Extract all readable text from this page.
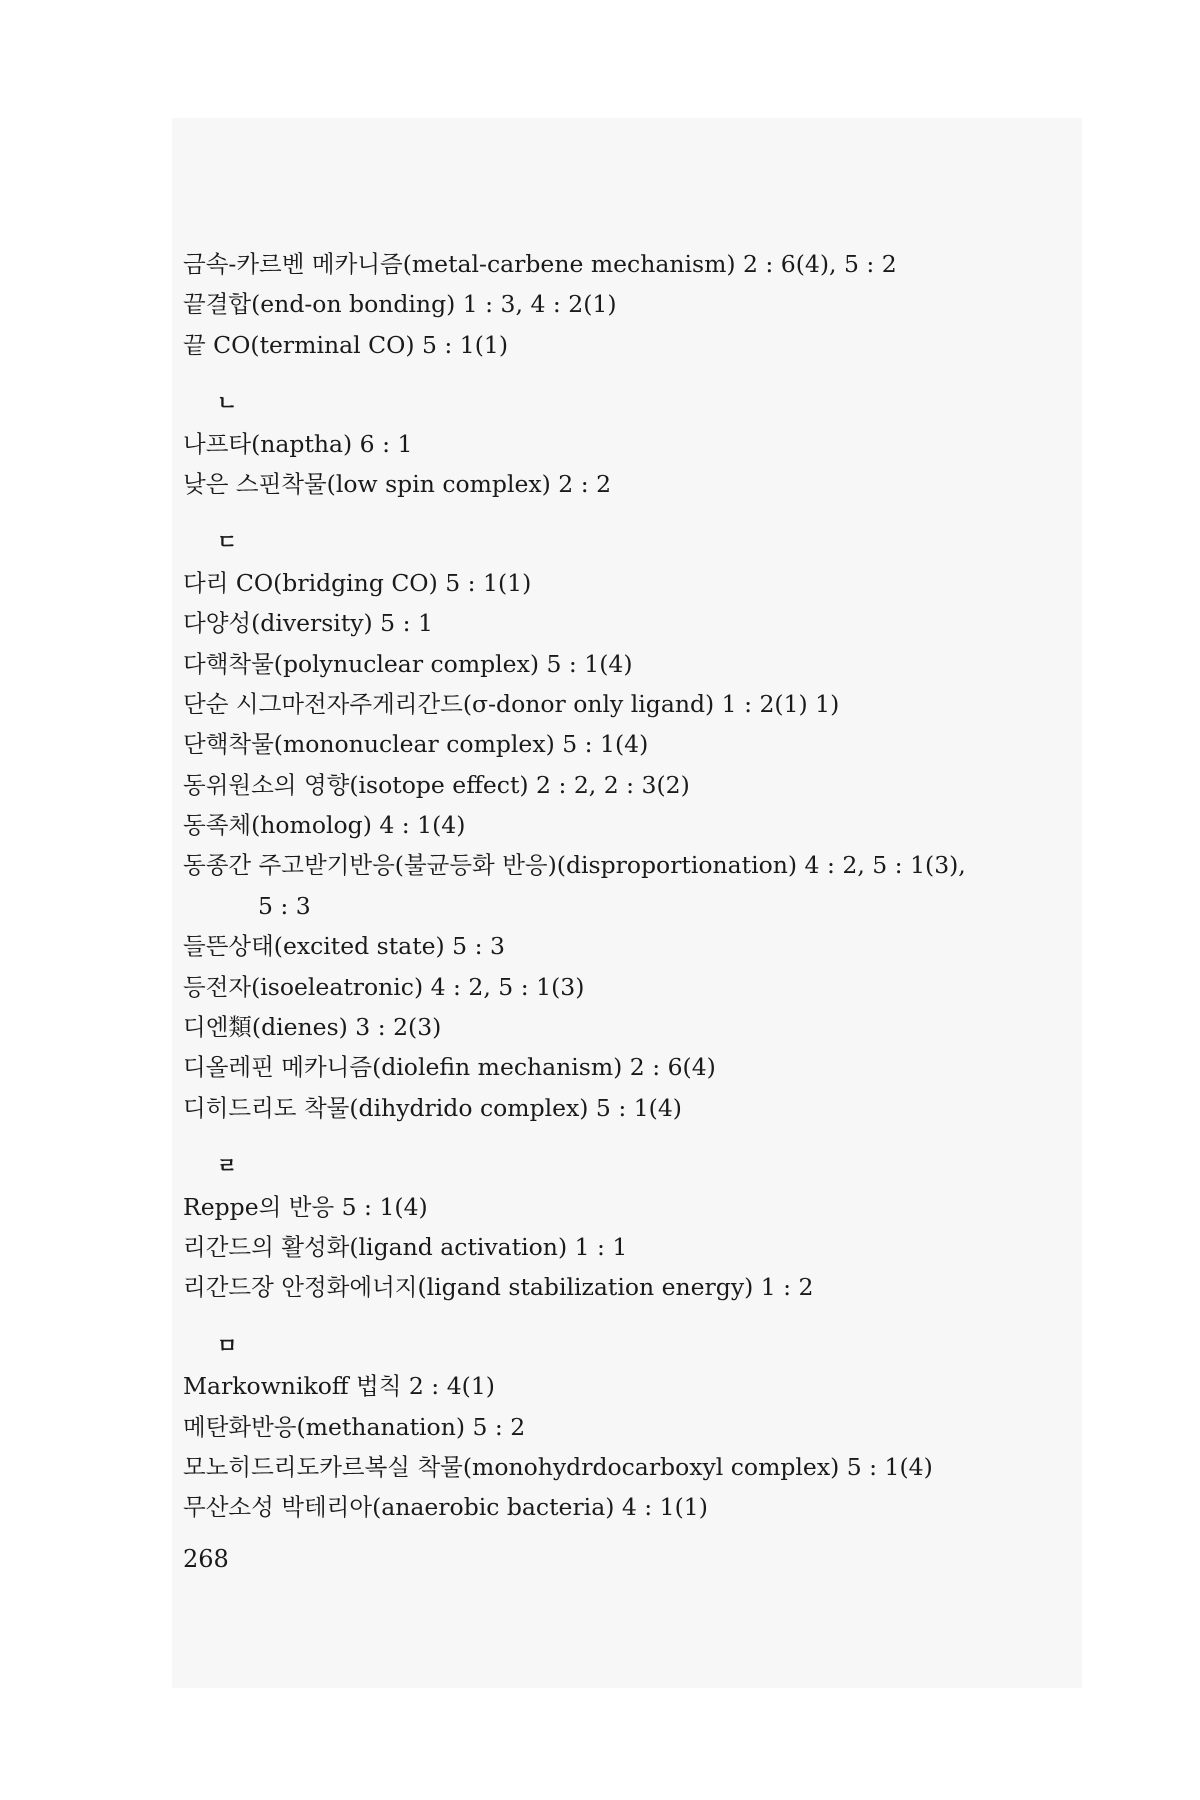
금속-카르벤 메카니즘(metal-carbene mechanism) 2 : 6(4), 5 : 2
끝결합(end-on bonding) 1 : 3, 4 : 2(1)
끝 CO(terminal CO) 5 : 1(1)
ㄴ
나프타(naptha) 6 : 1
낮은 스핀착물(low spin complex) 2 : 2
ㄷ
다리 CO(bridging CO) 5 : 1(1)
다양성(diversity) 5 : 1
다핵착물(polynuclear complex) 5 : 1(4)
단순 시그마전자주게리간드(σ-donor only ligand) 1 : 2(1) 1)
단핵착물(mononuclear complex) 5 : 1(4)
동위원소의 영향(isotope effect) 2 : 2, 2 : 3(2)
동족체(homolog) 4 : 1(4)
동종간 주고받기반응(불균등화 반응)(disproportionation) 4 : 2, 5 : 1(3),
5 : 3
들뜬상태(excited state) 5 : 3
등전자(isoeleatronic) 4 : 2, 5 : 1(3)
디엔類(dienes) 3 : 2(3)
디올레핀 메카니즘(diolefin mechanism) 2 : 6(4)
디히드리도 착물(dihydrido complex) 5 : 1(4)
ㄹ
Reppe의 반응 5 : 1(4)
리간드의 활성화(ligand activation) 1 : 1
리간드장 안정화에너지(ligand stabilization energy) 1 : 2
ㅁ
Markownikoff 법칙 2 : 4(1)
메탄화반응(methanation) 5 : 2
모노히드리도카르복실 착물(monohydrdocarboxyl complex) 5 : 1(4)
무산소성 박테리아(anaerobic bacteria) 4 : 1(1)
268
